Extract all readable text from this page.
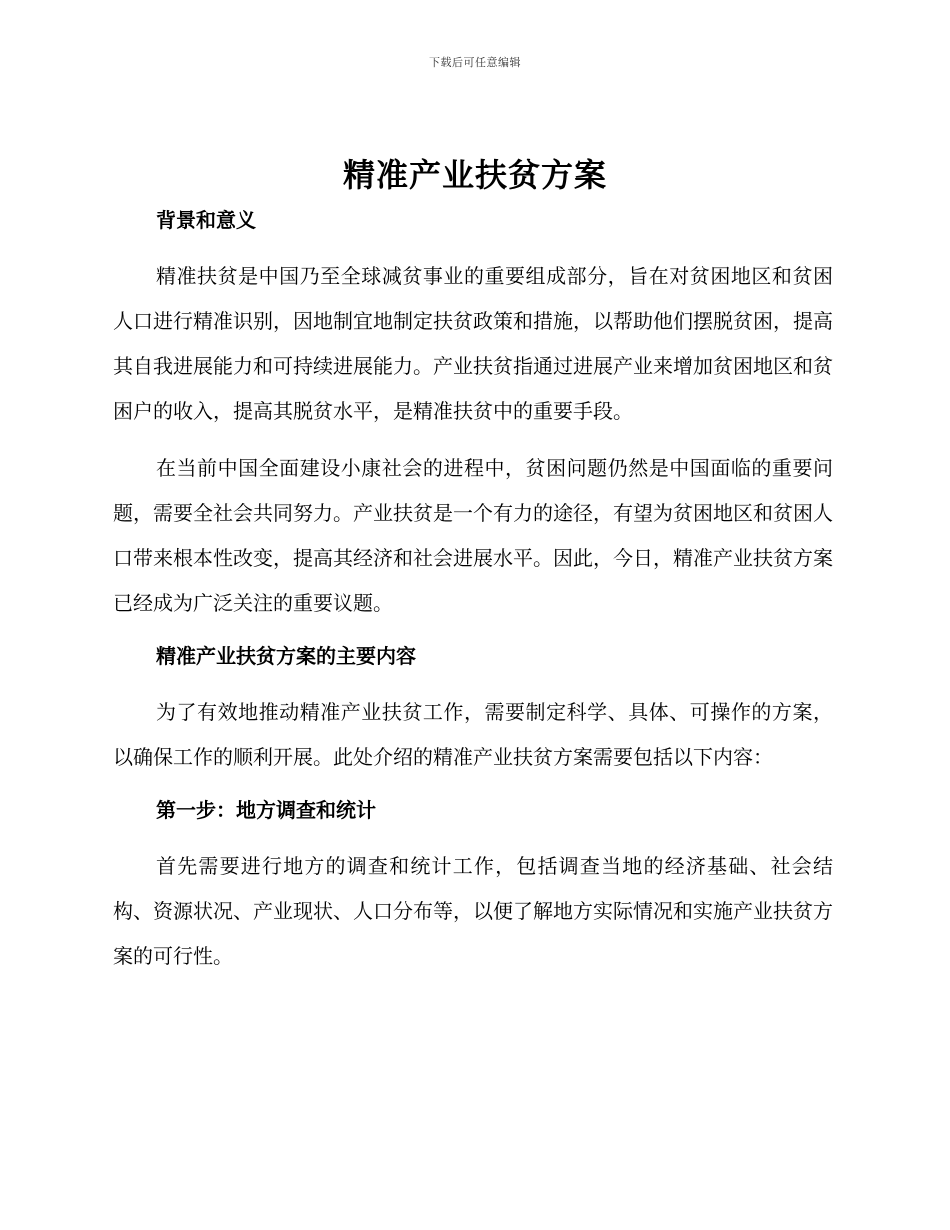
下载后可任意编辑
精准产业扶贫方案
背景和意义

精准扶贫是中国乃至全球减贫事业的重要组成部分，旨在对贫困地区和贫困人口进行精准识别，因地制宜地制定扶贫政策和措施，以帮助他们摆脱贫困，提高其自我进展能力和可持续进展能力。产业扶贫指通过进展产业来增加贫困地区和贫困户的收入，提高其脱贫水平，是精准扶贫中的重要手段。

在当前中国全面建设小康社会的进程中，贫困问题仍然是中国面临的重要问题，需要全社会共同努力。产业扶贫是一个有力的途径，有望为贫困地区和贫困人口带来根本性改变，提高其经济和社会进展水平。因此，今日，精准产业扶贫方案已经成为广泛关注的重要议题。

精准产业扶贫方案的主要内容

为了有效地推动精准产业扶贫工作，需要制定科学、具体、可操作的方案，以确保工作的顺利开展。此处介绍的精准产业扶贫方案需要包括以下内容：

第一步：地方调查和统计

首先需要进行地方的调查和统计工作，包括调查当地的经济基础、社会结构、资源状况、产业现状、人口分布等，以便了解地方实际情况和实施产业扶贫方案的可行性。
